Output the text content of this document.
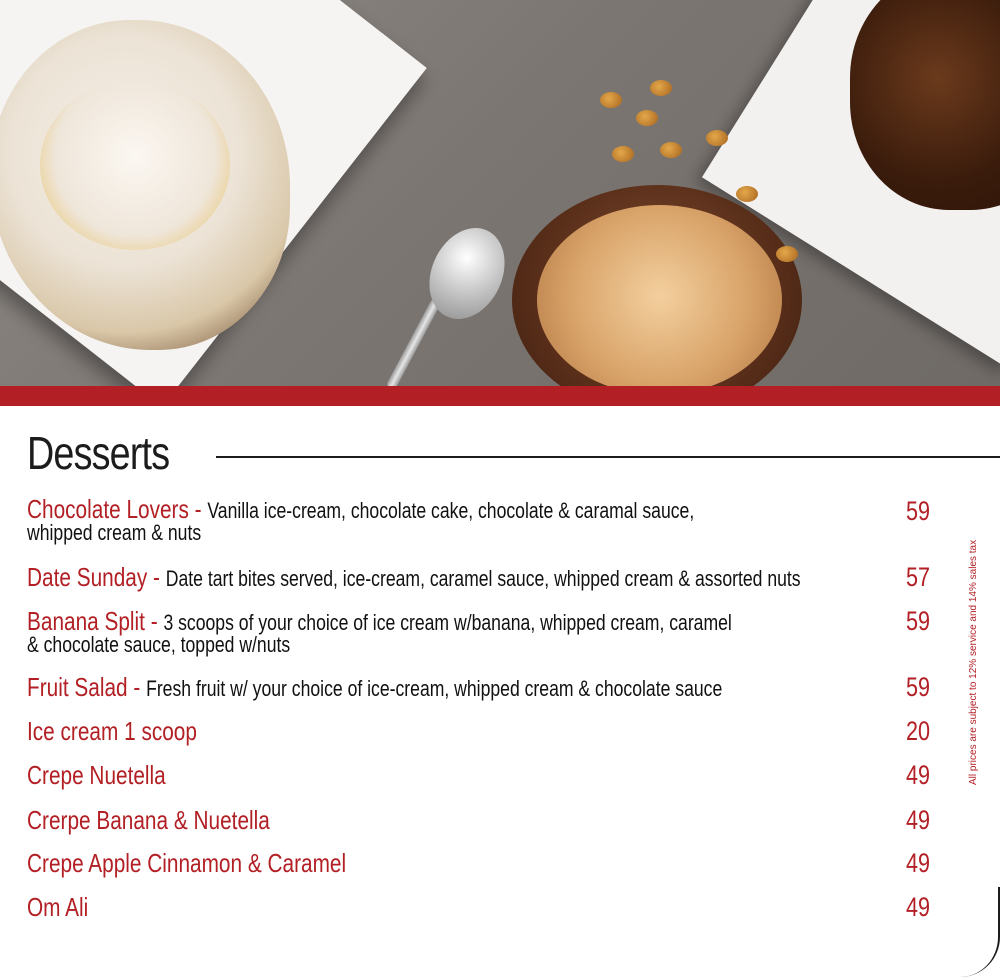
Desserts
Chocolate Lovers - Vanilla ice-cream, chocolate cake, chocolate & caramal sauce,
whipped cream & nuts
59
Date Sunday - Date tart bites served, ice-cream, caramel sauce, whipped cream & assorted nuts	57
Banana Split - 3 scoops of your choice of ice cream w/banana, whipped cream, caramel
& chocolate sauce, topped w/nuts
59
Fruit Salad - Fresh fruit w/ your choice of ice-cream, whipped cream & chocolate sauce	59
Ice cream 1 scoop	20
Crepe Nuetella	49
Crerpe Banana & Nuetella	49
Crepe Apple Cinnamon & Caramel	49
Om Ali	49
All prices are subject to 12% service and 14% sales tax
